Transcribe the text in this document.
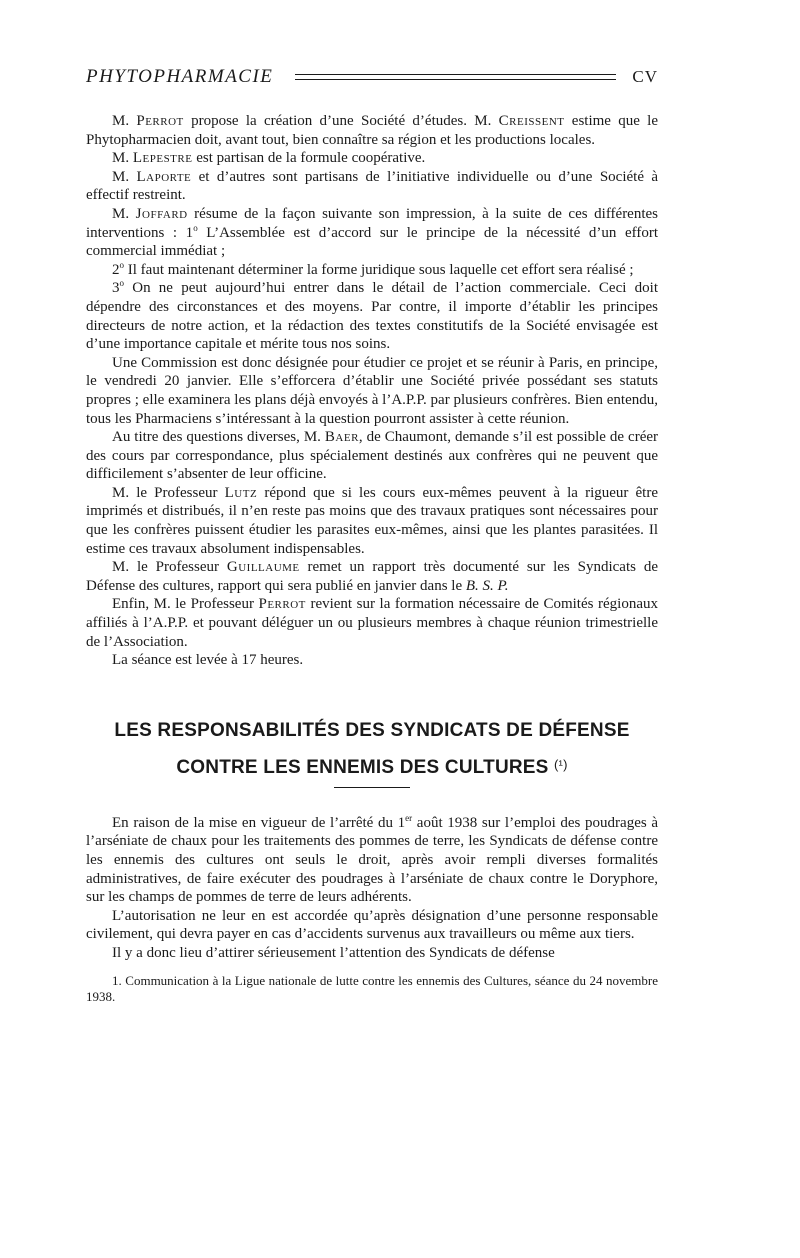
PHYTOPHARMACIE	CV

M. Perrot propose la création d’une Société d’études. M. Creissent estime que le Phytopharmacien doit, avant tout, bien connaître sa région et les productions locales.

M. Lepestre est partisan de la formule coopérative.

M. Laporte et d’autres sont partisans de l’initiative individuelle ou d’une Société à effectif restreint.

M. Joffard résume de la façon suivante son impression, à la suite de ces différentes interventions : 1$^o$ L’Assemblée est d’accord sur le principe de la nécessité d’un effort commercial immédiat ;

2$^o$ Il faut maintenant déterminer la forme juridique sous laquelle cet effort sera réalisé ;

3$^o$ On ne peut aujourd’hui entrer dans le détail de l’action commerciale. Ceci doit dépendre des circonstances et des moyens. Par contre, il importe d’établir les principes directeurs de notre action, et la rédaction des textes constitutifs de la Société envisagée est d’une importance capitale et mérite tous nos soins.

Une Commission est donc désignée pour étudier ce projet et se réunir à Paris, en principe, le vendredi 20 janvier. Elle s’efforcera d’établir une Société privée possédant ses statuts propres ; elle examinera les plans déjà envoyés à l’A.P.P. par plusieurs confrères. Bien entendu, tous les Pharmaciens s’intéressant à la question pourront assister à cette réunion.

Au titre des questions diverses, M. Baer, de Chaumont, demande s’il est possible de créer des cours par correspondance, plus spécialement destinés aux confrères qui ne peuvent que difficilement s’absenter de leur officine.

M. le Professeur Lutz répond que si les cours eux-mêmes peuvent à la rigueur être imprimés et distribués, il n’en reste pas moins que des travaux pratiques sont nécessaires pour que les confrères puissent étudier les parasites eux-mêmes, ainsi que les plantes parasitées. Il estime ces travaux absolument indispensables.

M. le Professeur Guillaume remet un rapport très documenté sur les Syndicats de Défense des cultures, rapport qui sera publié en janvier dans le B. S. P.

Enfin, M. le Professeur Perrot revient sur la formation nécessaire de Comités régionaux affiliés à l’A.P.P. et pouvant déléguer un ou plusieurs membres à chaque réunion trimestrielle de l’Association.

La séance est levée à 17 heures.

LES RESPONSABILITÉS DES SYNDICATS DE DÉFENSE
CONTRE LES ENNEMIS DES CULTURES $^{(^1)}$

En raison de la mise en vigueur de l’arrêté du 1er août 1938 sur l’emploi des poudrages à l’arséniate de chaux pour les traitements des pommes de terre, les Syndicats de défense contre les ennemis des cultures ont seuls le droit, après avoir rempli diverses formalités administratives, de faire exécuter des poudrages à l’arséniate de chaux contre le Doryphore, sur les champs de pommes de terre de leurs adhérents.

L’autorisation ne leur en est accordée qu’après désignation d’une personne responsable civilement, qui devra payer en cas d’accidents survenus aux travailleurs ou même aux tiers.

Il y a donc lieu d’attirer sérieusement l’attention des Syndicats de défense

1. Communication à la Ligue nationale de lutte contre les ennemis des Cultures, séance du 24 novembre 1938.
